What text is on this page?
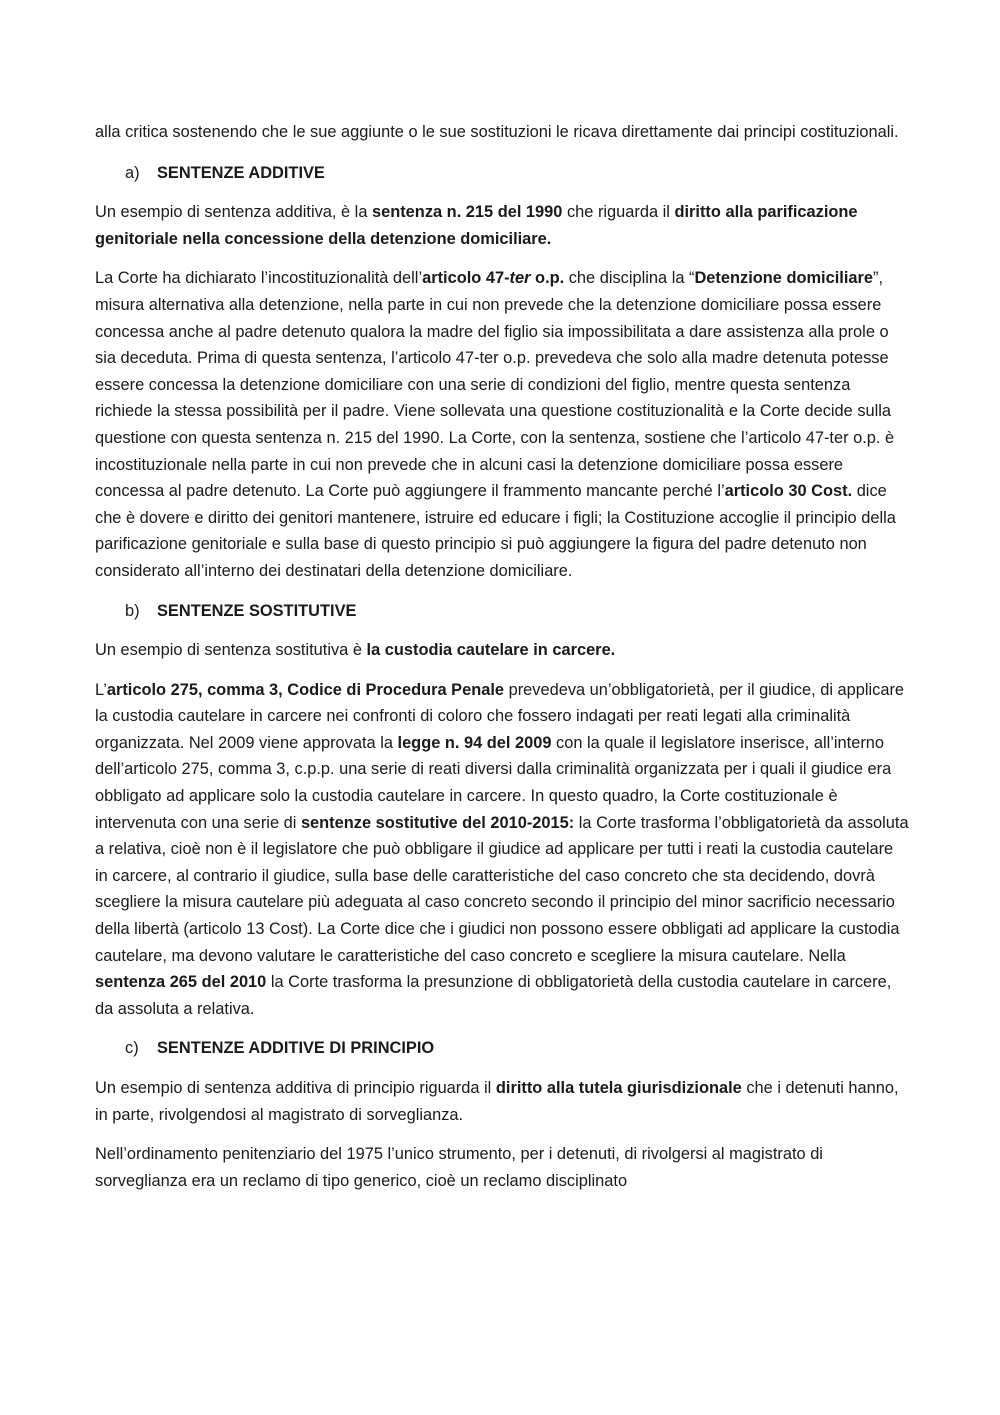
alla critica sostenendo che le sue aggiunte o le sue sostituzioni le ricava direttamente dai principi costituzionali.

a) SENTENZE ADDITIVE

Un esempio di sentenza additiva, è la sentenza n. 215 del 1990 che riguarda il diritto alla parificazione genitoriale nella concessione della detenzione domiciliare.

La Corte ha dichiarato l’incostituzionalità dell’articolo 47-ter o.p. che disciplina la “Detenzione domiciliare”, misura alternativa alla detenzione, nella parte in cui non prevede che la detenzione domiciliare possa essere concessa anche al padre detenuto qualora la madre del figlio sia impossibilitata a dare assistenza alla prole o sia deceduta. Prima di questa sentenza, l’articolo 47-ter o.p. prevedeva che solo alla madre detenuta potesse essere concessa la detenzione domiciliare con una serie di condizioni del figlio, mentre questa sentenza richiede la stessa possibilità per il padre. Viene sollevata una questione costituzionalità e la Corte decide sulla questione con questa sentenza n. 215 del 1990. La Corte, con la sentenza, sostiene che l’articolo 47-ter o.p. è incostituzionale nella parte in cui non prevede che in alcuni casi la detenzione domiciliare possa essere concessa al padre detenuto. La Corte può aggiungere il frammento mancante perché l’articolo 30 Cost. dice che è dovere e diritto dei genitori mantenere, istruire ed educare i figli; la Costituzione accoglie il principio della parificazione genitoriale e sulla base di questo principio si può aggiungere la figura del padre detenuto non considerato all’interno dei destinatari della detenzione domiciliare.

b) SENTENZE SOSTITUTIVE

Un esempio di sentenza sostitutiva è la custodia cautelare in carcere.

L’articolo 275, comma 3, Codice di Procedura Penale prevedeva un’obbligatorietà, per il giudice, di applicare la custodia cautelare in carcere nei confronti di coloro che fossero indagati per reati legati alla criminalità organizzata. Nel 2009 viene approvata la legge n. 94 del 2009 con la quale il legislatore inserisce, all’interno dell’articolo 275, comma 3, c.p.p. una serie di reati diversi dalla criminalità organizzata per i quali il giudice era obbligato ad applicare solo la custodia cautelare in carcere. In questo quadro, la Corte costituzionale è intervenuta con una serie di sentenze sostitutive del 2010-2015: la Corte trasforma l’obbligatorietà da assoluta a relativa, cioè non è il legislatore che può obbligare il giudice ad applicare per tutti i reati la custodia cautelare in carcere, al contrario il giudice, sulla base delle caratteristiche del caso concreto che sta decidendo, dovrà scegliere la misura cautelare più adeguata al caso concreto secondo il principio del minor sacrificio necessario della libertà (articolo 13 Cost). La Corte dice che i giudici non possono essere obbligati ad applicare la custodia cautelare, ma devono valutare le caratteristiche del caso concreto e scegliere la misura cautelare. Nella sentenza 265 del 2010 la Corte trasforma la presunzione di obbligatorietà della custodia cautelare in carcere, da assoluta a relativa.

c) SENTENZE ADDITIVE DI PRINCIPIO

Un esempio di sentenza additiva di principio riguarda il diritto alla tutela giurisdizionale che i detenuti hanno, in parte, rivolgendosi al magistrato di sorveglianza.

Nell’ordinamento penitenziario del 1975 l’unico strumento, per i detenuti, di rivolgersi al magistrato di sorveglianza era un reclamo di tipo generico, cioè un reclamo disciplinato
